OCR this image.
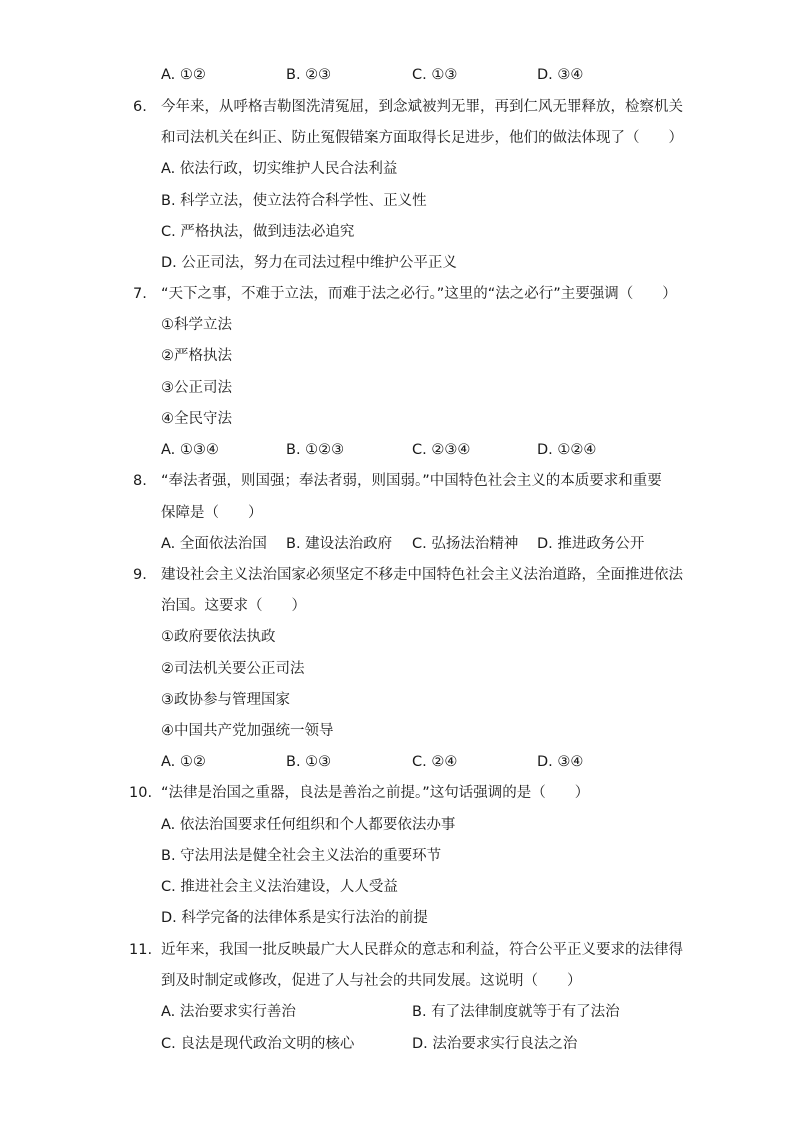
A. ①②	B. ②③	C. ①③	D. ③④
6. 今年来，从呼格吉勒图洗清冤屈，到念斌被判无罪，再到仁风无罪释放，检察机关
和司法机关在纠正、防止冤假错案方面取得长足进步，他们的做法体现了（　　）
A. 依法行政，切实维护人民合法利益
B. 科学立法，使立法符合科学性、正义性
C. 严格执法，做到违法必追究
D. 公正司法，努力在司法过程中维护公平正义
7. “天下之事，不难于立法，而难于法之必行。”这里的“法之必行”主要强调（　　）
①科学立法
②严格执法
③公正司法
④全民守法
A. ①③④	B. ①②③	C. ②③④	D. ①②④
8. “奉法者强，则国强；奉法者弱，则国弱。”中国特色社会主义的本质要求和重要
保障是（　　）
A. 全面依法治国 B. 建设法治政府 C. 弘扬法治精神 D. 推进政务公开
9. 建设社会主义法治国家必须坚定不移走中国特色社会主义法治道路，全面推进依法
治国。这要求（　　）
①政府要依法执政
②司法机关要公正司法
③政协参与管理国家
④中国共产党加强统一领导
A. ①②	B. ①③	C. ②④	D. ③④
10. “法律是治国之重器，良法是善治之前提。”这句话强调的是（　　）
A. 依法治国要求任何组织和个人都要依法办事
B. 守法用法是健全社会主义法治的重要环节
C. 推进社会主义法治建设，人人受益
D. 科学完备的法律体系是实行法治的前提
11. 近年来，我国一批反映最广大人民群众的意志和利益，符合公平正义要求的法律得
到及时制定或修改，促进了人与社会的共同发展。这说明（　　）
A. 法治要求实行善治	B. 有了法律制度就等于有了法治
C. 良法是现代政治文明的核心	D. 法治要求实行良法之治
